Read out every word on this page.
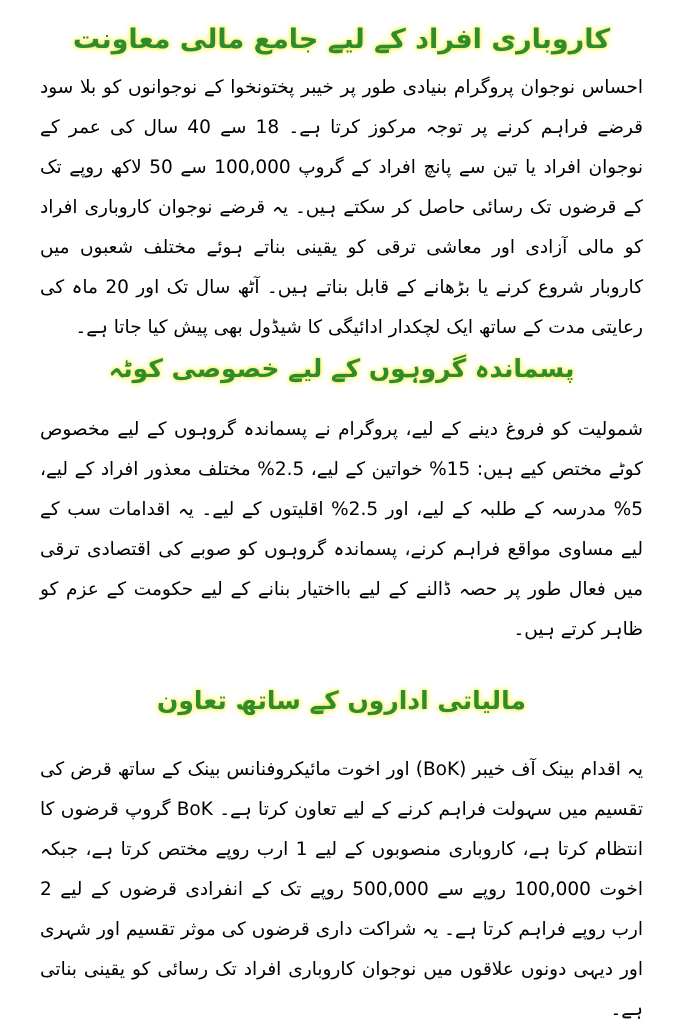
کاروباری افراد کے لیے جامع مالی معاونت

احساس نوجوان پروگرام بنیادی طور پر خیبر پختونخوا کے نوجوانوں کو بلا سود قرضے فراہم کرنے پر توجہ مرکوز کرتا ہے۔ 18 سے 40 سال کی عمر کے نوجوان افراد یا تین سے پانچ افراد کے گروپ 100,000 سے 50 لاکھ روپے تک کے قرضوں تک رسائی حاصل کر سکتے ہیں۔ یہ قرضے نوجوان کاروباری افراد کو مالی آزادی اور معاشی ترقی کو یقینی بناتے ہوئے مختلف شعبوں میں کاروبار شروع کرنے یا بڑھانے کے قابل بناتے ہیں۔ آٹھ سال تک اور 20 ماہ کی رعایتی مدت کے ساتھ ایک لچکدار ادائیگی کا شیڈول بھی پیش کیا جاتا ہے۔

پسماندہ گروہوں کے لیے خصوصی کوٹہ

شمولیت کو فروغ دینے کے لیے، پروگرام نے پسماندہ گروہوں کے لیے مخصوص کوٹے مختص کیے ہیں: 15% خواتین کے لیے، 2.5% مختلف معذور افراد کے لیے، 5% مدرسہ کے طلبہ کے لیے، اور 2.5% اقلیتوں کے لیے۔ یہ اقدامات سب کے لیے مساوی مواقع فراہم کرنے، پسماندہ گروہوں کو صوبے کی اقتصادی ترقی میں فعال طور پر حصہ ڈالنے کے لیے بااختیار بنانے کے لیے حکومت کے عزم کو ظاہر کرتے ہیں۔

مالیاتی اداروں کے ساتھ تعاون

یہ اقدام بینک آف خیبر (BoK) اور اخوت مائیکروفنانس بینک کے ساتھ قرض کی تقسیم میں سہولت فراہم کرنے کے لیے تعاون کرتا ہے۔ BoK گروپ قرضوں کا انتظام کرتا ہے، کاروباری منصوبوں کے لیے 1 ارب روپے مختص کرتا ہے، جبکہ اخوت 100,000 روپے سے 500,000 روپے تک کے انفرادی قرضوں کے لیے 2 ارب روپے فراہم کرتا ہے۔ یہ شراکت داری قرضوں کی موثر تقسیم اور شہری اور دیہی دونوں علاقوں میں نوجوان کاروباری افراد تک رسائی کو یقینی بناتی ہے۔
